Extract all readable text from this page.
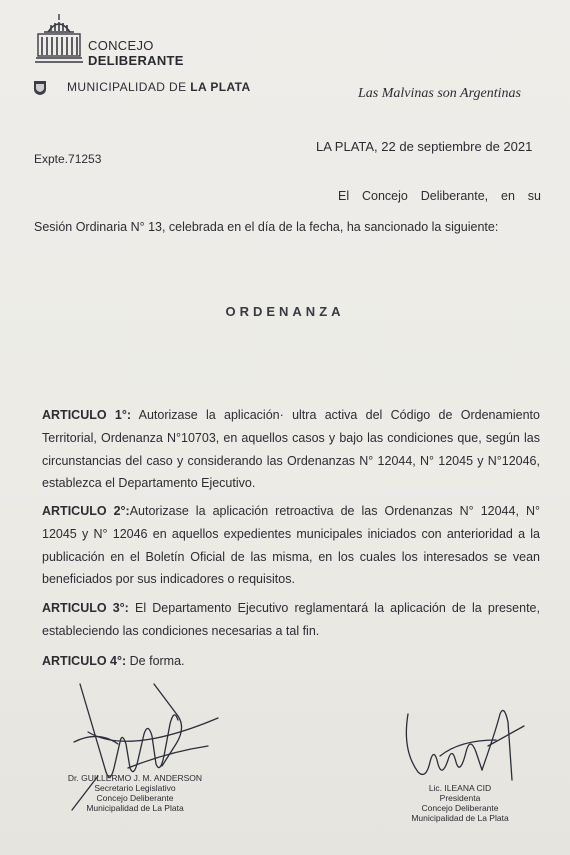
CONCEJO
DELIBERANTE
MUNICIPALIDAD DE LA PLATA	Las Malvinas son Argentinas
LA PLATA, 22 de septiembre de 2021
Expte.71253
El Concejo Deliberante, en su
Sesión Ordinaria N° 13, celebrada en el día de la fecha, ha sancionado la siguiente:
ORDENANZA
ARTICULO 1°: Autorizase la aplicación· ultra activa del Código de Ordenamiento Territorial, Ordenanza N°10703, en aquellos casos y bajo las condiciones que, según las circunstancias del caso y considerando las Ordenanzas N° 12044, N° 12045 y N°12046, establezca el Departamento Ejecutivo.
ARTICULO 2°:Autorizase la aplicación retroactiva de las Ordenanzas N° 12044, N° 12045 y N° 12046 en aquellos expedientes municipales iniciados con anterioridad a la publicación en el Boletín Oficial de las misma, en los cuales los interesados se vean beneficiados por sus indicadores o requisitos.
ARTICULO 3°: El Departamento Ejecutivo reglamentará la aplicación de la presente, estableciendo las condiciones necesarias a tal fin.
ARTICULO 4°: De forma.
Dr. GUILLERMO J. M. ANDERSON
Secretario Legislativo
Concejo Deliberante
Municipalidad de La Plata
Lic. ILEANA CID
Presidenta
Concejo Deliberante
Municipalidad de La Plata
